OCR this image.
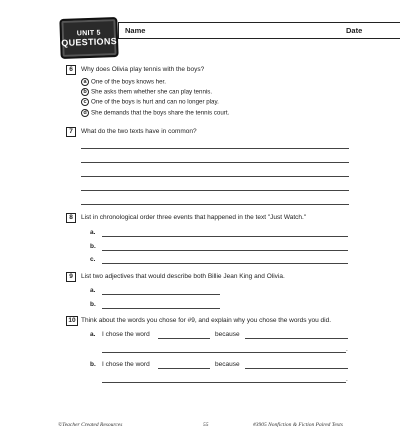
UNIT 5
QUESTIONS
Name	Date
6	Why does Olivia play tennis with the boys?
a One of the boys knows her.
b She asks them whether she can play tennis.
c One of the boys is hurt and can no longer play.
d She demands that the boys share the tennis court.
7	What do the two texts have in common?
8	List in chronological order three events that happened in the text "Just Watch."
a.
b.
c.
9	List two adjectives that would describe both Billie Jean King and Olivia.
a.
b.
10 Think about the words you chose for #9, and explain why you chose the words you did.
a. I chose the word	because
.
b. I chose the word	because
.
©Teacher Created Resources	55	#3905 Nonfiction & Fiction Paired Texts
